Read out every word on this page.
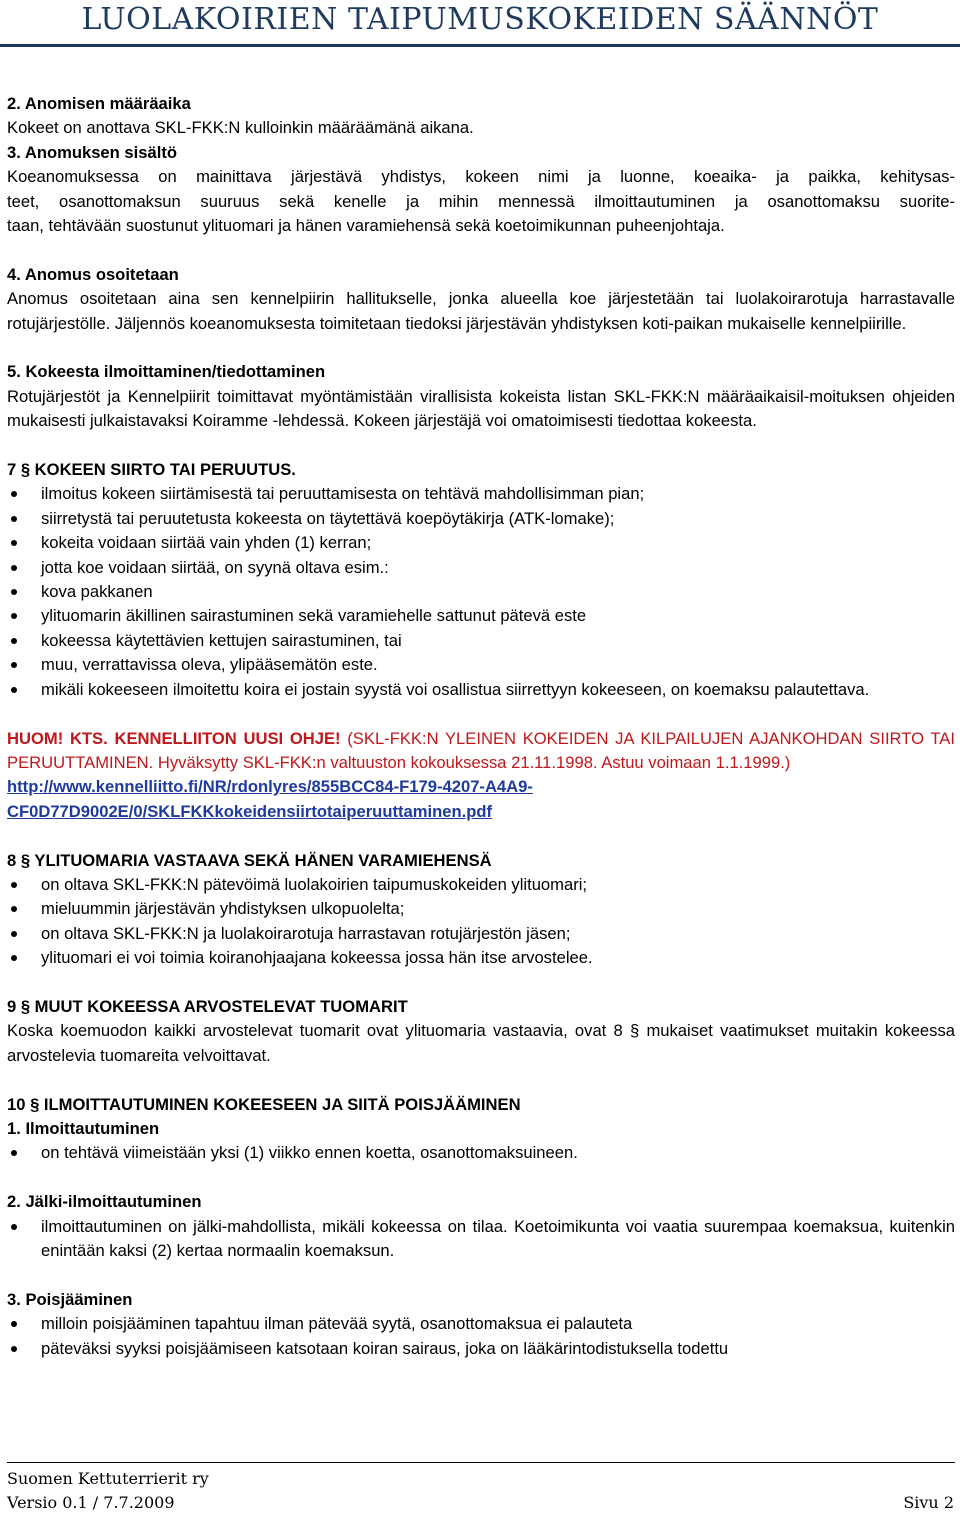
LUOLAKOIRIEN TAIPUMUSKOKEIDEN SÄÄNNÖT

2. Anomisen määräaika

Kokeet on anottava SKL-FKK:N kulloinkin määräämänä aikana.

3. Anomuksen sisältö

Koeanomuksessa on mainittava järjestävä yhdistys, kokeen nimi ja luonne, koeaika- ja paikka, kehitysas-

teet, osanottomaksun suuruus sekä kenelle ja mihin mennessä ilmoittautuminen ja osanottomaksu suorite-

taan, tehtävään suostunut ylituomari ja hänen varamiehensä sekä koetoimikunnan puheenjohtaja.

4. Anomus osoitetaan

Anomus osoitetaan aina sen kennelpiirin hallitukselle, jonka alueella koe järjestetään tai luolakoirarotuja harrastavalle rotujärjestölle. Jäljennös koeanomuksesta toimitetaan tiedoksi järjestävän yhdistyksen koti-paikan mukaiselle kennelpiirille.

5. Kokeesta ilmoittaminen/tiedottaminen

Rotujärjestöt ja Kennelpiirit toimittavat myöntämistään virallisista kokeista listan SKL-FKK:N määräaikaisil-moituksen ohjeiden mukaisesti julkaistavaksi Koiramme -lehdessä. Kokeen järjestäjä voi omatoimisesti tiedottaa kokeesta.

7 § KOKEEN SIIRTO TAI PERUUTUS.

ilmoitus kokeen siirtämisestä tai peruuttamisesta on tehtävä mahdollisimman pian;
siirretystä tai peruutetusta kokeesta on täytettävä koepöytäkirja (ATK-lomake);
kokeita voidaan siirtää vain yhden (1) kerran;
jotta koe voidaan siirtää, on syynä oltava esim.:
kova pakkanen
ylituomarin äkillinen sairastuminen sekä varamiehelle sattunut pätevä este
kokeessa käytettävien kettujen sairastuminen, tai
muu, verrattavissa oleva, ylipääsemätön este.
mikäli kokeeseen ilmoitettu koira ei jostain syystä voi osallistua siirrettyyn kokeeseen, on koemaksu palautettava.

HUOM! KTS. KENNELLIITON UUSI OHJE! (SKL-FKK:N YLEINEN KOKEIDEN JA KILPAILUJEN AJANKOHDAN SIIRTO TAI PERUUTTAMINEN. Hyväksytty SKL-FKK:n valtuuston kokouksessa 21.11.1998. Astuu voimaan 1.1.1999.)

http://www.kennelliitto.fi/NR/rdonlyres/855BCC84-F179-4207-A4A9-
CF0D77D9002E/0/SKLFKKkokeidensiirtotaiperuuttaminen.pdf

8 § YLITUOMARIA VASTAAVA SEKÄ HÄNEN VARAMIEHENSÄ

on oltava SKL-FKK:N pätevöimä luolakoirien taipumuskokeiden ylituomari;
mieluummin järjestävän yhdistyksen ulkopuolelta;
on oltava SKL-FKK:N ja luolakoirarotuja harrastavan rotujärjestön jäsen;
ylituomari ei voi toimia koiranohjaajana kokeessa jossa hän itse arvostelee.

9 § MUUT KOKEESSA ARVOSTELEVAT TUOMARIT

Koska koemuodon kaikki arvostelevat tuomarit ovat ylituomaria vastaavia, ovat 8 § mukaiset vaatimukset muitakin kokeessa arvostelevia tuomareita velvoittavat.

10 § ILMOITTAUTUMINEN KOKEESEEN JA SIITÄ POISJÄÄMINEN

1. Ilmoittautuminen

on tehtävä viimeistään yksi (1) viikko ennen koetta, osanottomaksuineen.

2. Jälki-ilmoittautuminen

ilmoittautuminen on jälki-mahdollista, mikäli kokeessa on tilaa. Koetoimikunta voi vaatia suurempaa koemaksua, kuitenkin enintään kaksi (2) kertaa normaalin koemaksun.

3. Poisjääminen

milloin poisjääminen tapahtuu ilman pätevää syytä, osanottomaksua ei palauteta
päteväksi syyksi poisjäämiseen katsotaan koiran sairaus, joka on lääkärintodistuksella todettu
Suomen Kettuterrierit ry
Versio 0.1 / 7.7.2009	Sivu 2
